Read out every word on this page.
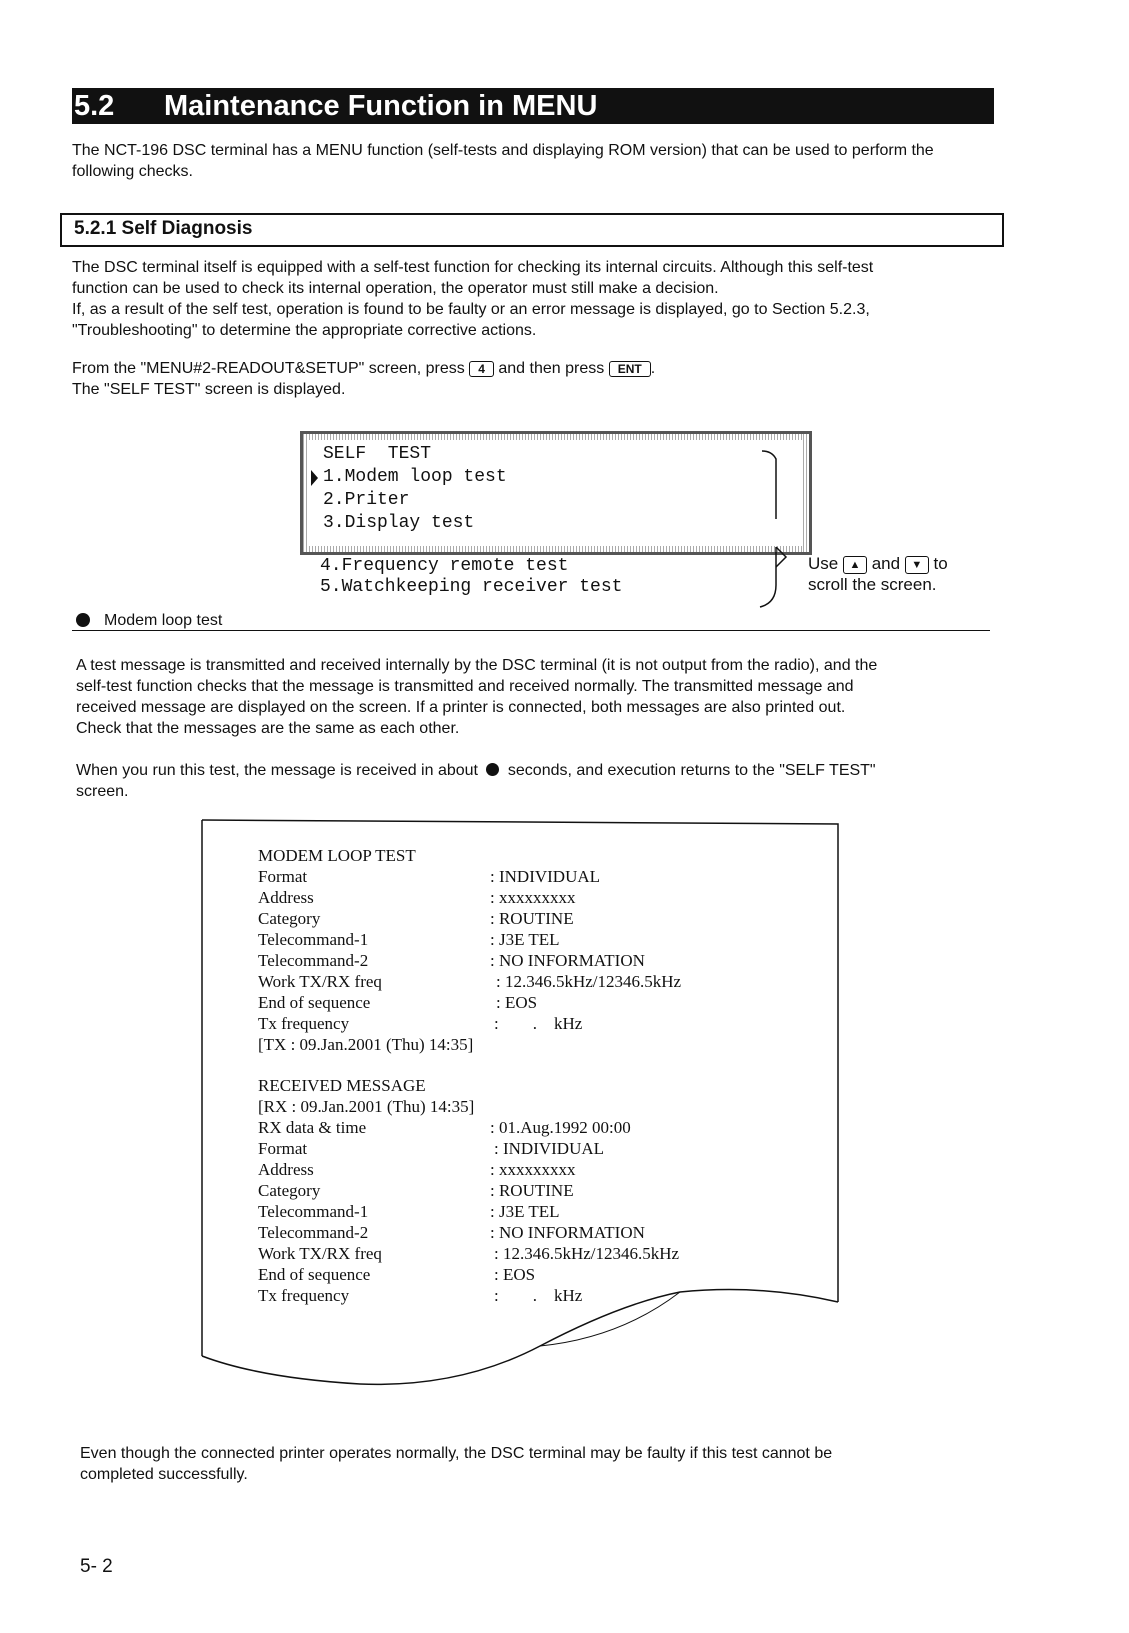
5.2 Maintenance Function in MENU
The NCT-196 DSC terminal has a MENU function (self-tests and displaying ROM version) that can be used to perform the following checks.
5.2.1 Self Diagnosis
The DSC terminal itself is equipped with a self-test function for checking its internal circuits. Although this self-test
function can be used to check its internal operation, the operator must still make a decision.
If, as a result of the self test, operation is found to be faulty or an error message is displayed, go to Section 5.2.3,
"Troubleshooting" to determine the appropriate corrective actions.
From the "MENU#2-READOUT&SETUP" screen, press 4 and then press ENT .
The "SELF TEST" screen is displayed.
SELF  TEST
1.Modem loop test
2.Priter
3.Display test
4.Frequency remote test
5.Watchkeeping receiver test
Use ▲ and ▼ to
scroll the screen.
Modem loop test
A test message is transmitted and received internally by the DSC terminal (it is not output from the radio), and the
self-test function checks that the message is transmitted and received normally. The transmitted message and
received message are displayed on the screen. If a printer is connected, both messages are also printed out.
Check that the messages are the same as each other.
When you run this test, the message is received in about seconds, and execution returns to the "SELF TEST"
screen.
MODEM LOOP TEST
Format	: INDIVIDUAL
Address	: xxxxxxxxx
Category	: ROUTINE
Telecommand-1	: J3E TEL
Telecommand-2	: NO INFORMATION
Work TX/RX freq	: 12.346.5kHz/12346.5kHz
End of sequence	: EOS
Tx frequency	:        .    kHz
[TX : 09.Jan.2001 (Thu) 14:35]
RECEIVED MESSAGE
[RX : 09.Jan.2001 (Thu) 14:35]
RX data & time	: 01.Aug.1992 00:00
Format	: INDIVIDUAL
Address	: xxxxxxxxx
Category	: ROUTINE
Telecommand-1	: J3E TEL
Telecommand-2	: NO INFORMATION
Work TX/RX freq	: 12.346.5kHz/12346.5kHz
End of sequence	: EOS
Tx frequency	:        .    kHz
Even though the connected printer operates normally, the DSC terminal may be faulty if this test cannot be
completed successfully.
5- 2
